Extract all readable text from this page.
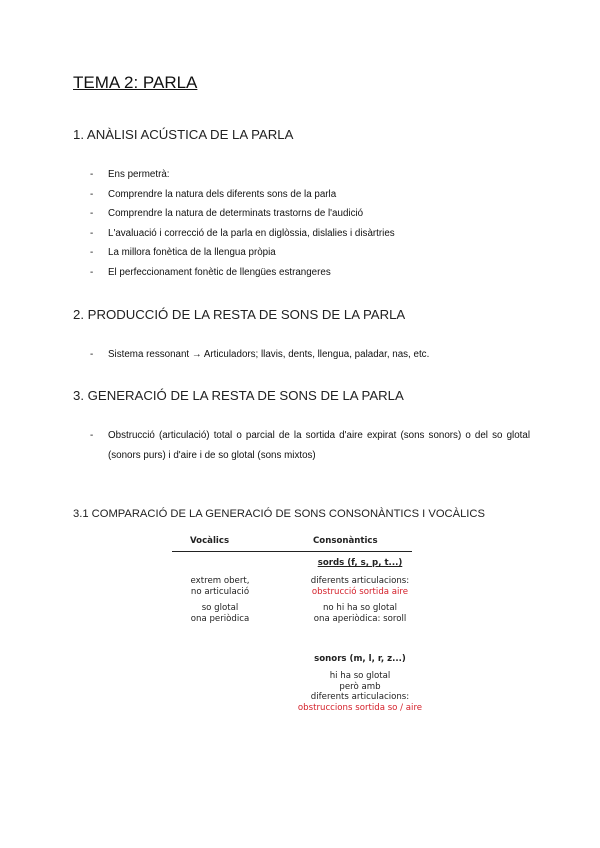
TEMA 2: PARLA
1. ANÀLISI ACÚSTICA DE LA PARLA
- Ens permetrà:
- Comprendre la natura dels diferents sons de la parla
- Comprendre la natura de determinats trastorns de l'audició
- L'avaluació i correcció de la parla en diglòssia, dislalies i disàrtries
- La millora fonètica de la llengua pròpia
- El perfeccionament fonètic de llengües estrangeres
2. PRODUCCIÓ DE LA RESTA DE SONS DE LA PARLA
- Sistema ressonant → Articuladors; llavis, dents, llengua, paladar, nas, etc.
3. GENERACIÓ DE LA RESTA DE SONS DE LA PARLA
-	Obstrucció (articulació) total o parcial de la sortida d'aire expirat (sons sonors) o del so glotal (sonors purs) i d'aire i de so glotal (sons mixtos)
3.1 COMPARACIÓ DE LA GENERACIÓ DE SONS CONSONÀNTICS I VOCÀLICS
Vocàlics	Consonàntics
sords (f, s, p, t...)
extrem obert,
no articulació
diferents articulacions:
obstrucció sortida aire
so glotal
ona periòdica
no hi ha so glotal
ona aperiòdica: soroll
sonors (m, l, r, z...)
hi ha so glotal
però amb
diferents articulacions:
obstruccions sortida so / aire
